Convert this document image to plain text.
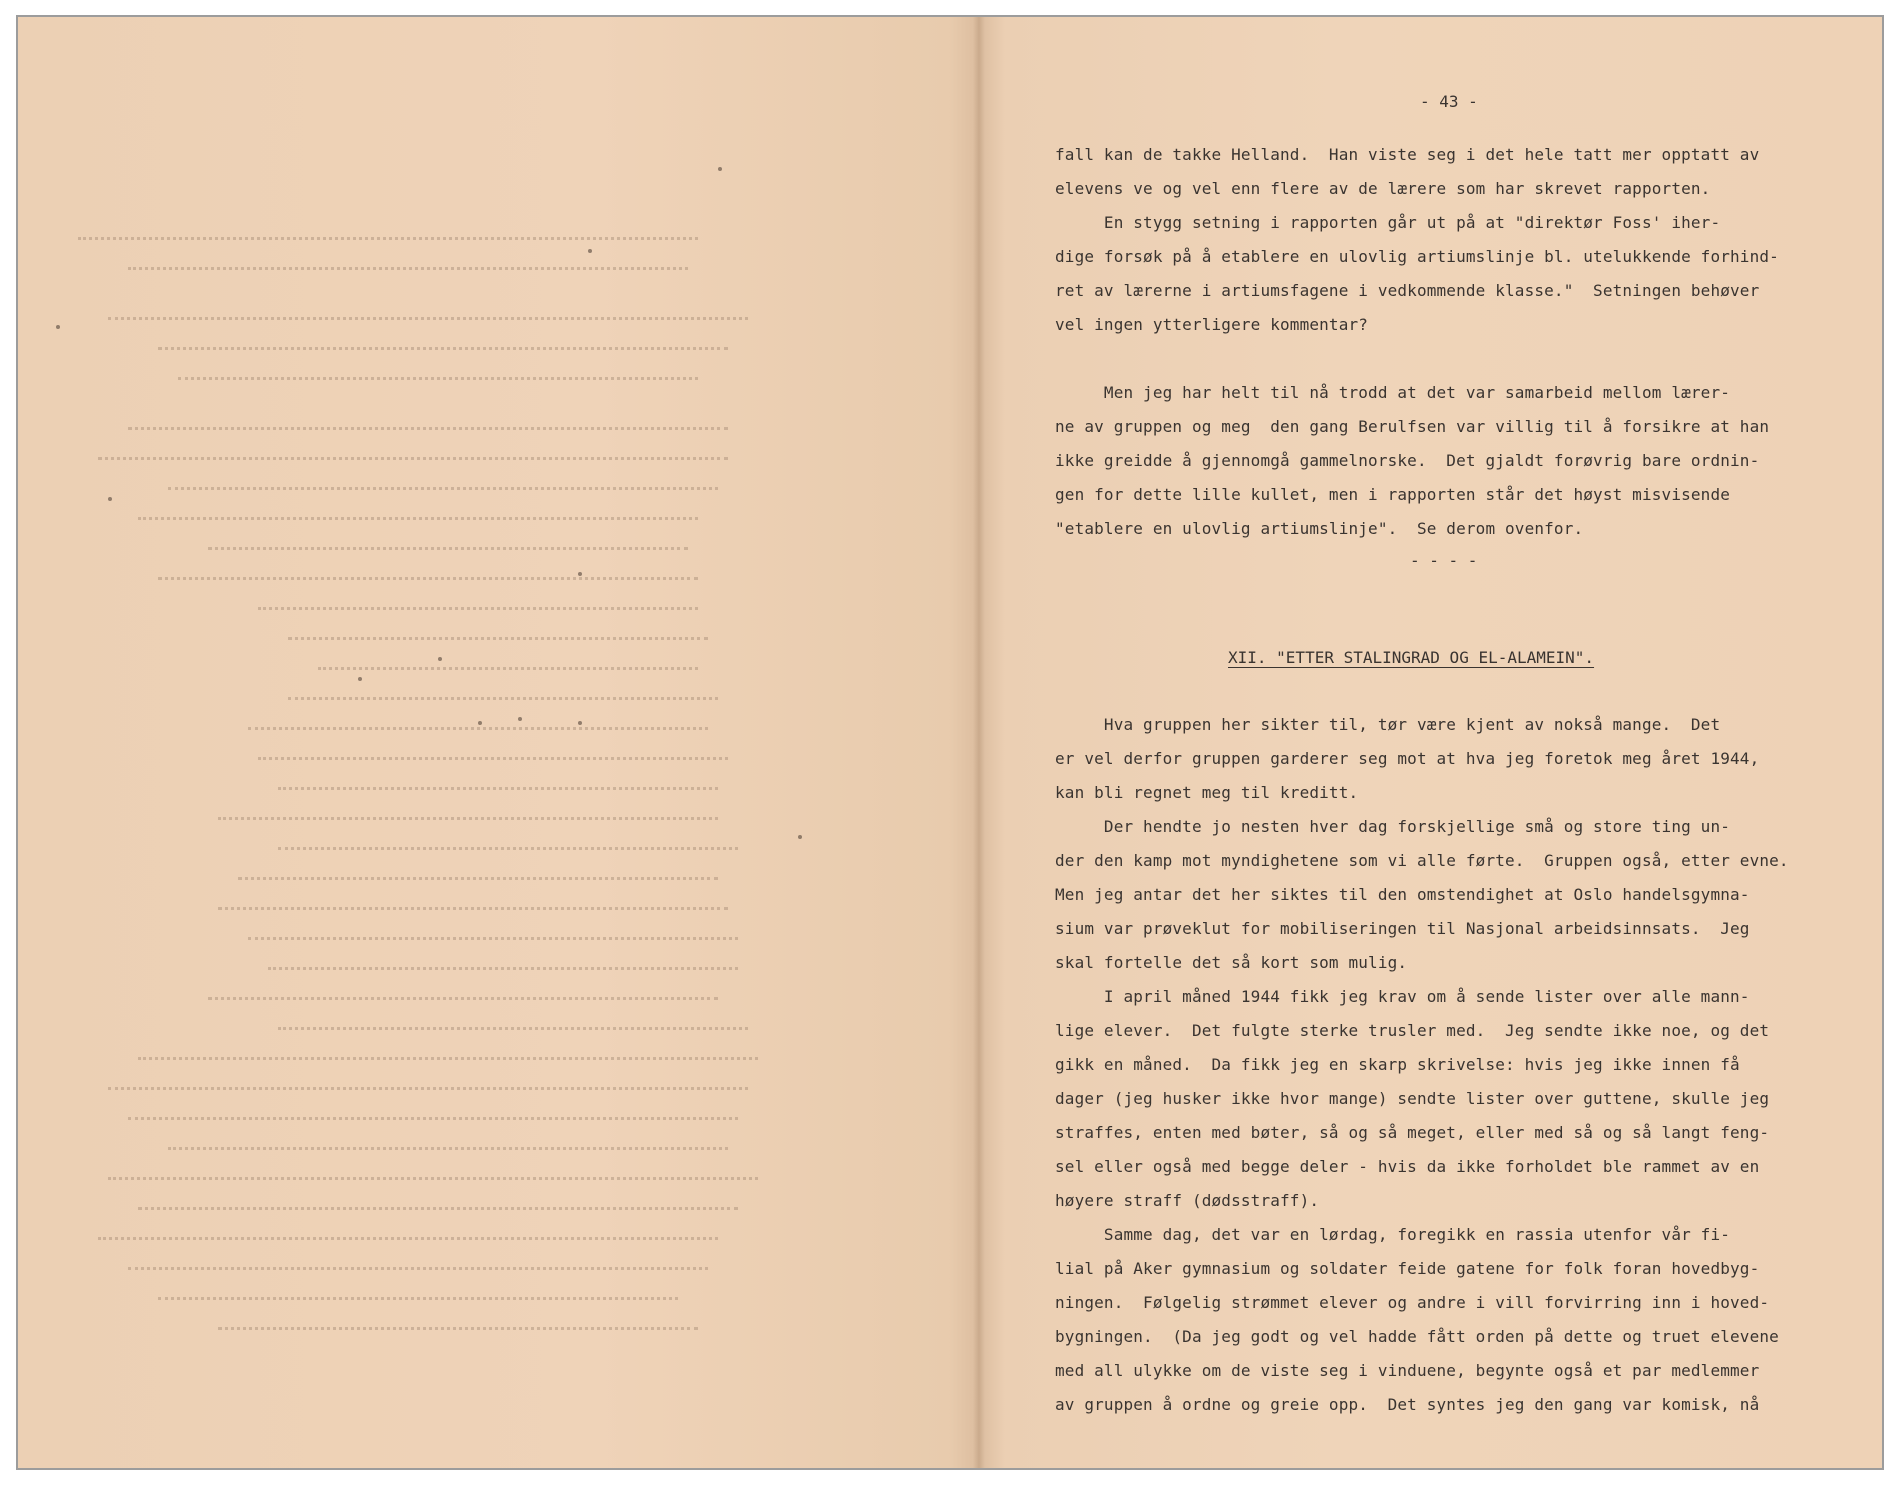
- 43 -

fall kan de takke Helland.  Han viste seg i det hele tatt mer opptatt av

elevens ve og vel enn flere av de lærere som har skrevet rapporten.

En stygg setning i rapporten går ut på at "direktør Foss' iher-

dige forsøk på å etablere en ulovlig artiumslinje bl. utelukkende forhind-

ret av lærerne i artiumsfagene i vedkommende klasse."  Setningen behøver

vel ingen ytterligere kommentar?

Men jeg har helt til nå trodd at det var samarbeid mellom lærer-

ne av gruppen og meg  den gang Berulfsen var villig til å forsikre at han

ikke greidde å gjennomgå gammelnorske.  Det gjaldt forøvrig bare ordnin-

gen for dette lille kullet, men i rapporten står det høyst misvisende

"etablere en ulovlig artiumslinje".  Se derom ovenfor.

- - - -
XII. "ETTER STALINGRAD OG EL-ALAMEIN".

Hva gruppen her sikter til, tør være kjent av nokså mange.  Det

er vel derfor gruppen garderer seg mot at hva jeg foretok meg året 1944,

kan bli regnet meg til kreditt.

Der hendte jo nesten hver dag forskjellige små og store ting un-

der den kamp mot myndighetene som vi alle førte.  Gruppen også, etter evne.

Men jeg antar det her siktes til den omstendighet at Oslo handelsgymna-

sium var prøveklut for mobiliseringen til Nasjonal arbeidsinnsats.  Jeg

skal fortelle det så kort som mulig.

I april måned 1944 fikk jeg krav om å sende lister over alle mann-

lige elever.  Det fulgte sterke trusler med.  Jeg sendte ikke noe, og det

gikk en måned.  Da fikk jeg en skarp skrivelse: hvis jeg ikke innen få

dager (jeg husker ikke hvor mange) sendte lister over guttene, skulle jeg

straffes, enten med bøter, så og så meget, eller med så og så langt feng-

sel eller også med begge deler - hvis da ikke forholdet ble rammet av en

høyere straff (dødsstraff).

Samme dag, det var en lørdag, foregikk en rassia utenfor vår fi-

lial på Aker gymnasium og soldater feide gatene for folk foran hovedbyg-

ningen.  Følgelig strømmet elever og andre i vill forvirring inn i hoved-

bygningen.  (Da jeg godt og vel hadde fått orden på dette og truet elevene

med all ulykke om de viste seg i vinduene, begynte også et par medlemmer

av gruppen å ordne og greie opp.  Det syntes jeg den gang var komisk, nå
